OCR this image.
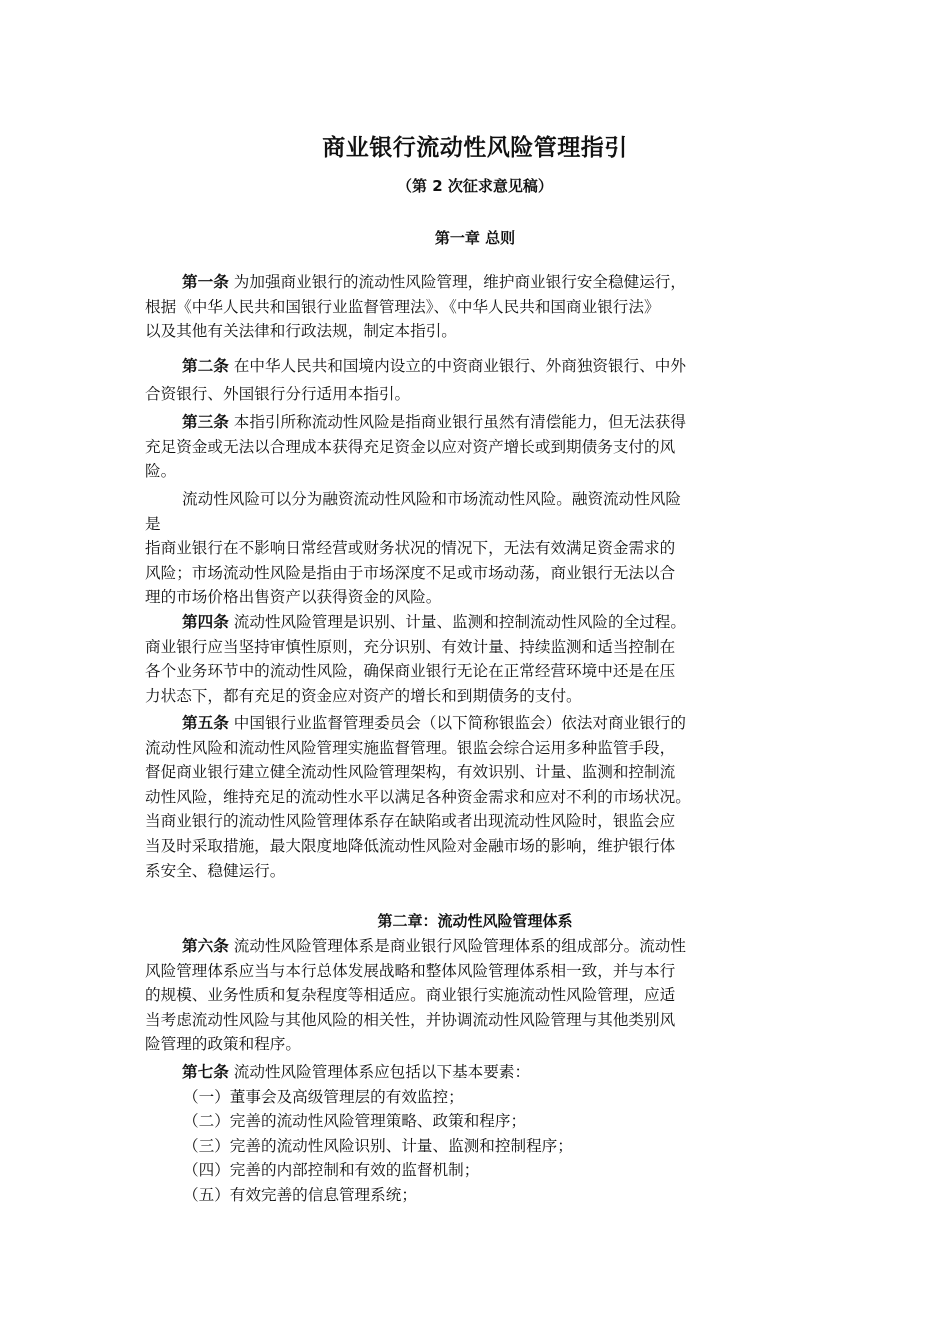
商业银行流动性风险管理指引
（第 2 次征求意见稿）
第一章 总则
第一条 为加强商业银行的流动性风险管理，维护商业银行安全稳健运行，
根据《中华人民共和国银行业监督管理法》、《中华人民共和国商业银行法》
以及其他有关法律和行政法规，制定本指引。
第二条 在中华人民共和国境内设立的中资商业银行、外商独资银行、中外
合资银行、外国银行分行适用本指引。
第三条 本指引所称流动性风险是指商业银行虽然有清偿能力，但无法获得
充足资金或无法以合理成本获得充足资金以应对资产增长或到期债务支付的风
险。
流动性风险可以分为融资流动性风险和市场流动性风险。融资流动性风险
是
指商业银行在不影响日常经营或财务状况的情况下，无法有效满足资金需求的
风险；市场流动性风险是指由于市场深度不足或市场动荡，商业银行无法以合
理的市场价格出售资产以获得资金的风险。
第四条 流动性风险管理是识别、计量、监测和控制流动性风险的全过程。
商业银行应当坚持审慎性原则，充分识别、有效计量、持续监测和适当控制在
各个业务环节中的流动性风险，确保商业银行无论在正常经营环境中还是在压
力状态下，都有充足的资金应对资产的增长和到期债务的支付。
第五条 中国银行业监督管理委员会（以下简称银监会）依法对商业银行的
流动性风险和流动性风险管理实施监督管理。银监会综合运用多种监管手段，
督促商业银行建立健全流动性风险管理架构，有效识别、计量、监测和控制流
动性风险，维持充足的流动性水平以满足各种资金需求和应对不利的市场状况。
当商业银行的流动性风险管理体系存在缺陷或者出现流动性风险时，银监会应
当及时采取措施，最大限度地降低流动性风险对金融市场的影响，维护银行体
系安全、稳健运行。
第二章：流动性风险管理体系
第六条 流动性风险管理体系是商业银行风险管理体系的组成部分。流动性
风险管理体系应当与本行总体发展战略和整体风险管理体系相一致，并与本行
的规模、业务性质和复杂程度等相适应。商业银行实施流动性风险管理，应适
当考虑流动性风险与其他风险的相关性，并协调流动性风险管理与其他类别风
险管理的政策和程序。
第七条 流动性风险管理体系应包括以下基本要素：
（一）董事会及高级管理层的有效监控；
（二）完善的流动性风险管理策略、政策和程序；
（三）完善的流动性风险识别、计量、监测和控制程序；
（四）完善的内部控制和有效的监督机制；
（五）有效完善的信息管理系统；
